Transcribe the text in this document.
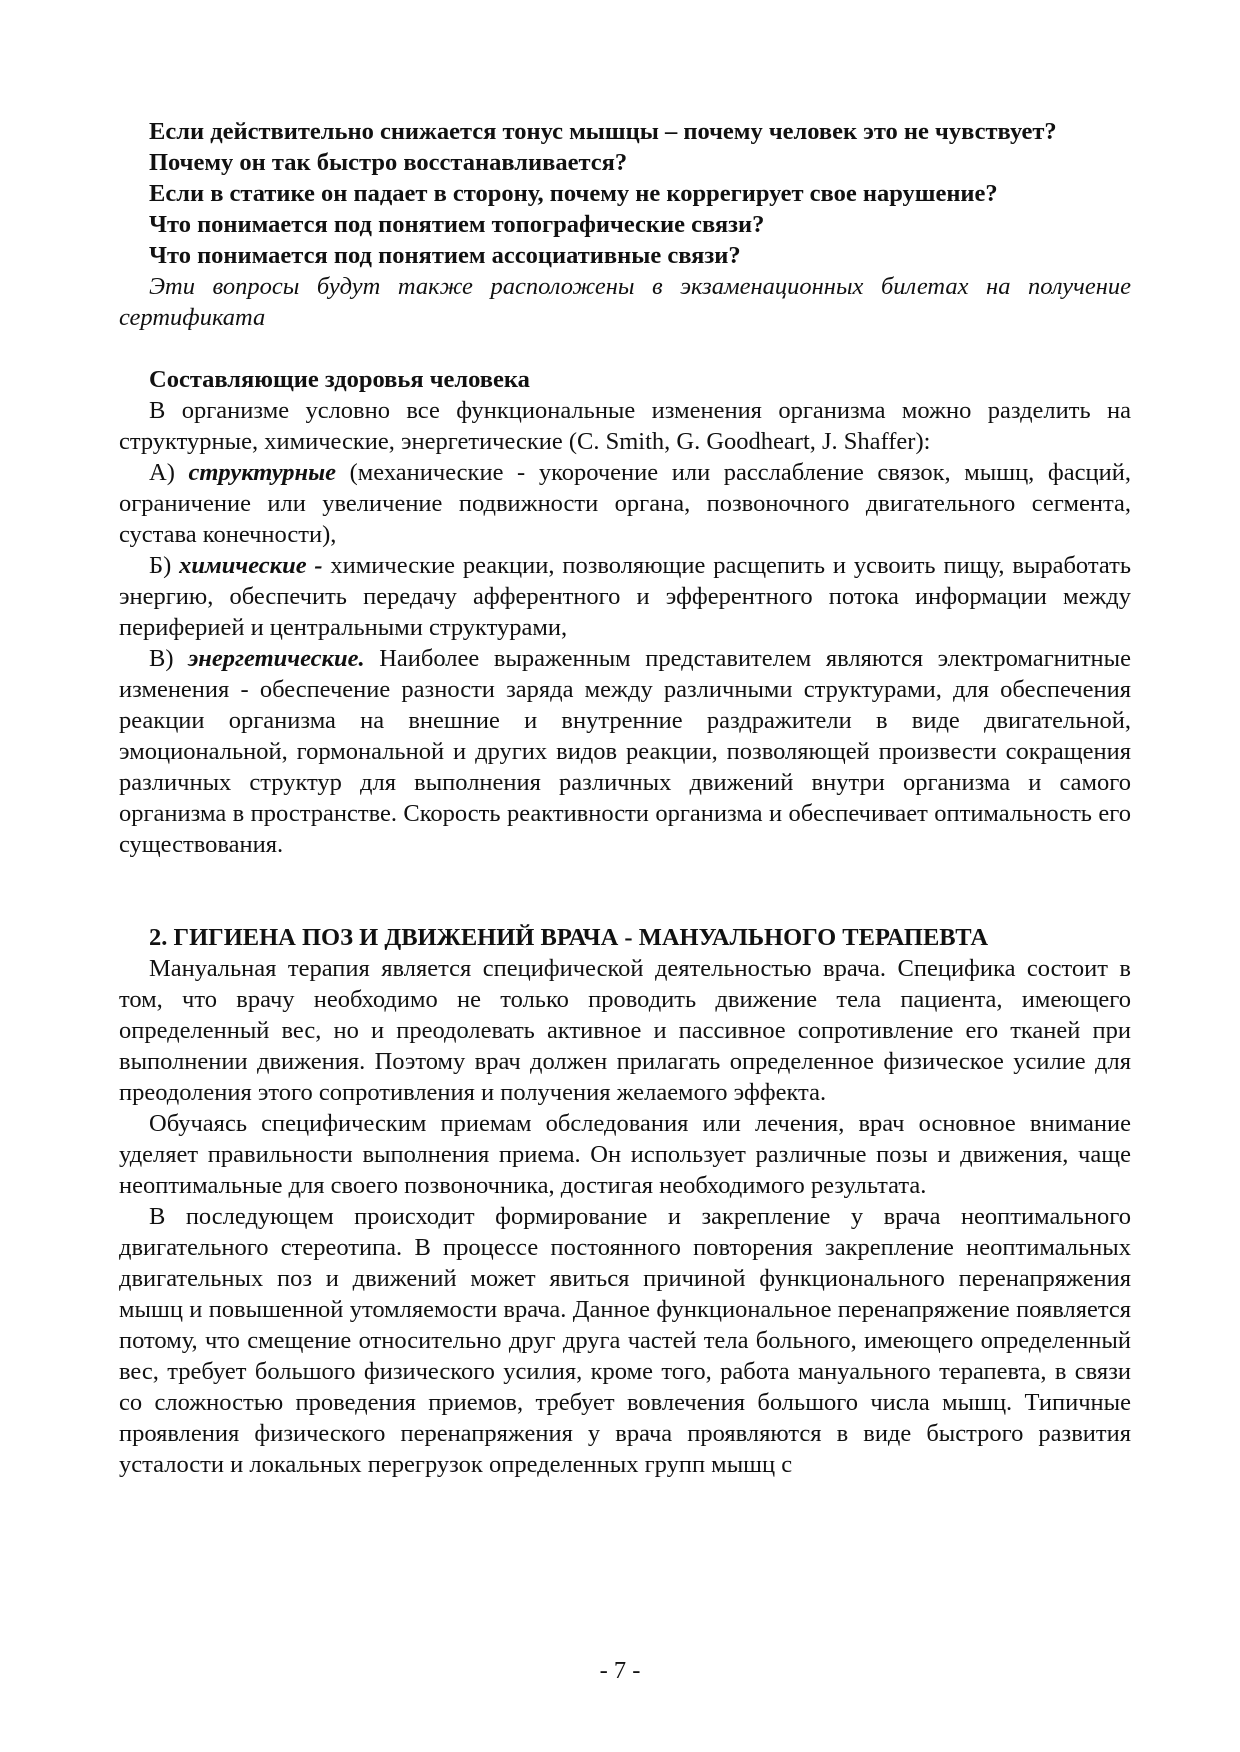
Если действительно снижается тонус мышцы – почему человек это не чувствует?

Почему он так быстро восстанавливается?

Если в статике он падает в сторону, почему не коррегирует свое нарушение?

Что понимается под понятием топографические связи?

Что понимается под понятием ассоциативные связи?

Эти вопросы будут также расположены в экзаменационных билетах на получение сертификата

Составляющие здоровья человека

В организме условно все функциональные изменения организма можно разделить на структурные, химические, энергетические (C. Smith, G. Goodheart, J. Shaffer):

А) структурные (механические - укорочение или расслабление связок, мышц, фасций, ограничение или увеличение подвижности органа, позвоночного двигательного сегмента, сустава конечности),

Б) химические - химические реакции, позволяющие расщепить и усвоить пищу, выработать энергию, обеспечить передачу афферентного и эфферентного потока информации между периферией и центральными структурами,

В) энергетические. Наиболее выраженным представителем являются электромагнитные изменения - обеспечение разности заряда между различными структурами, для обеспечения реакции организма на внешние и внутренние раздражители в виде двигательной, эмоциональной, гормональной и других видов реакции, позволяющей произвести сокращения различных структур для выполнения различных движений внутри организма и самого организма в пространстве. Скорость реактивности организма и обеспечивает оптимальность его существования.

2. ГИГИЕНА ПОЗ И ДВИЖЕНИЙ ВРАЧА - МАНУАЛЬНОГО ТЕРАПЕВТА

Мануальная терапия является специфической деятельностью врача. Специфика состоит в том, что врачу необходимо не только проводить движение тела пациента, имеющего определенный вес, но и преодолевать активное и пассивное сопротивление его тканей при выполнении движения. Поэтому врач должен прилагать определенное физическое усилие для преодоления этого сопротивления и получения желаемого эффекта.

Обучаясь специфическим приемам обследования или лечения, врач основное внимание уделяет правильности выполнения приема. Он использует различные позы и движения, чаще неоптимальные для своего позвоночника, достигая необходимого результата.

В последующем происходит формирование и закрепление у врача неоптимального двигательного стереотипа. В процессе постоянного повторения закрепление неоптимальных двигательных поз и движений может явиться причиной функционального перенапряжения мышц и повышенной утомляемости врача. Данное функциональное перенапряжение появляется потому, что смещение относительно друг друга частей тела больного, имеющего определенный вес, требует большого физического усилия, кроме того, работа мануального терапевта, в связи со сложностью проведения приемов, требует вовлечения большого числа мышц. Типичные проявления физического перенапряжения у врача проявляются в виде быстрого развития усталости и локальных перегрузок определенных групп мышц с

- 7 -
